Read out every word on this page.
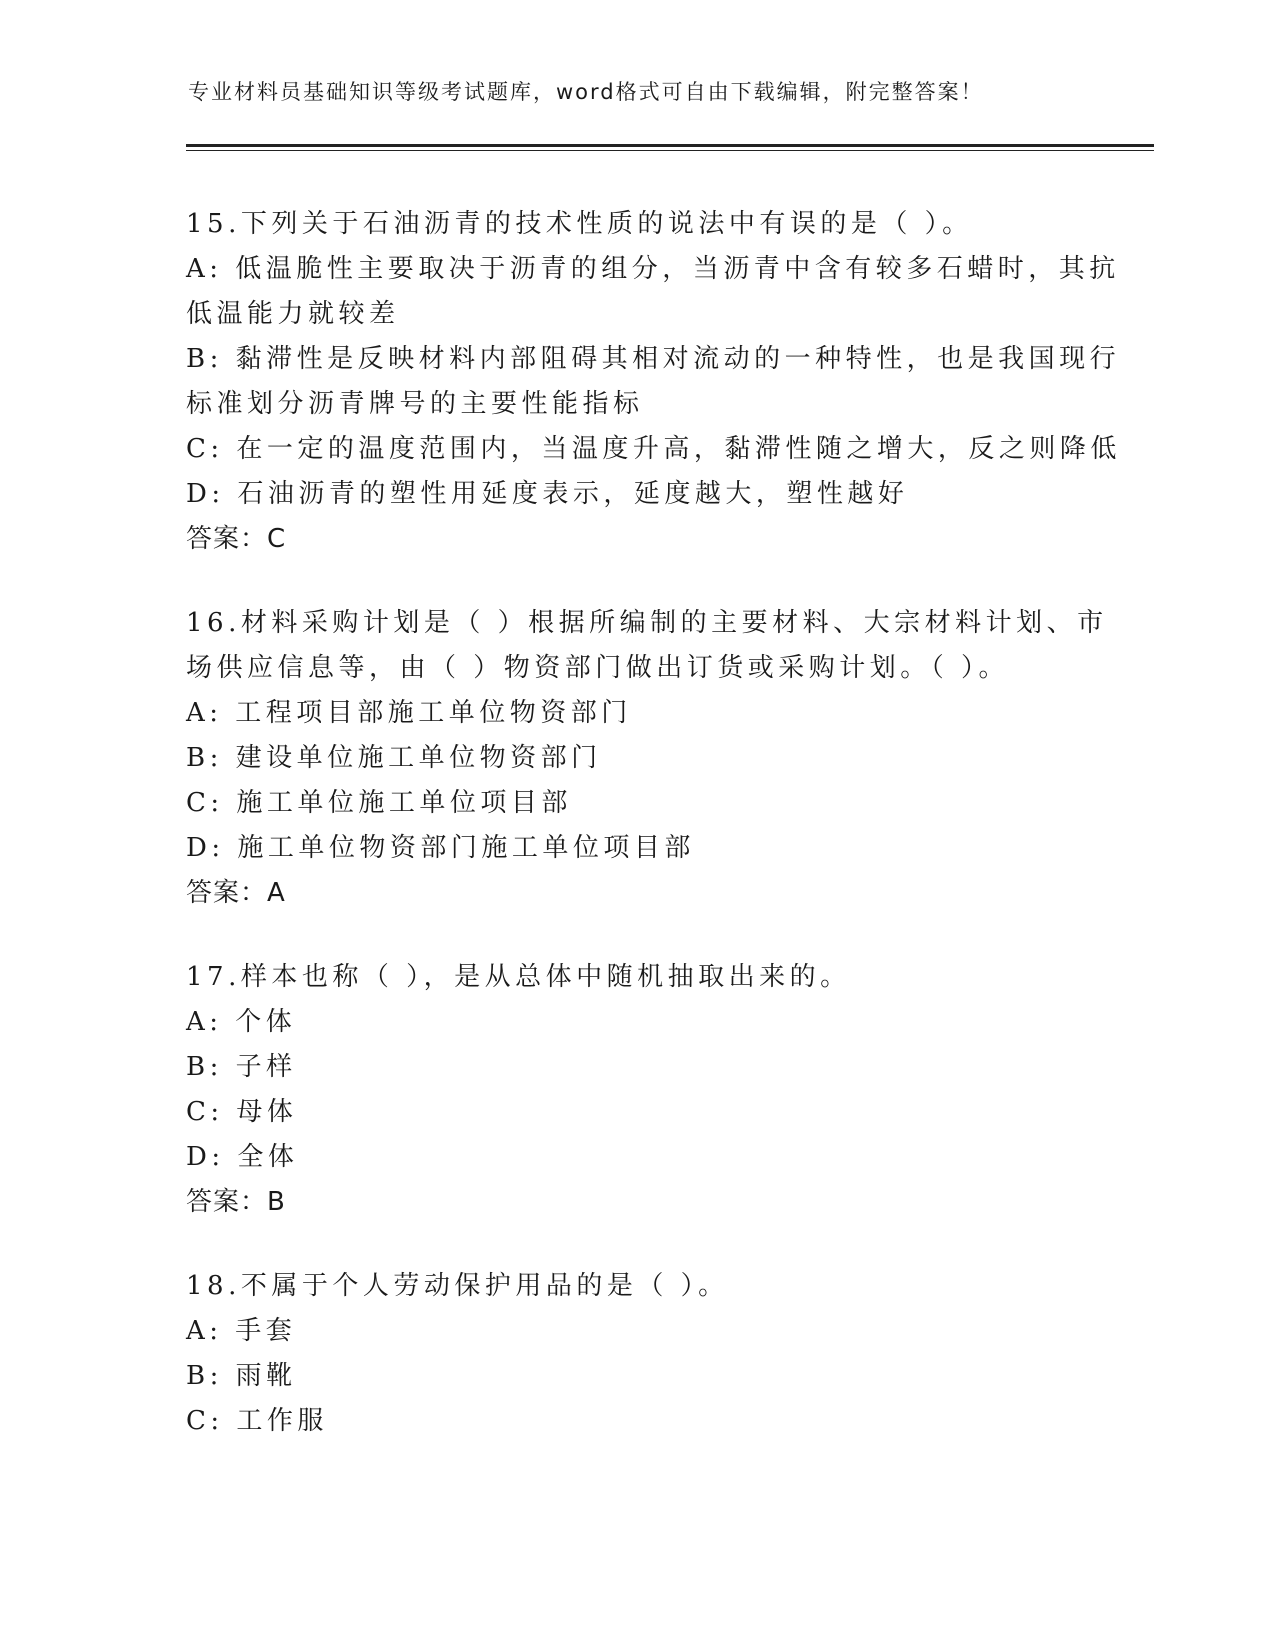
专业材料员基础知识等级考试题库，word格式可自由下载编辑，附完整答案！
15.下列关于石油沥青的技术性质的说法中有误的是（ ）。
A: 低温脆性主要取决于沥青的组分，当沥青中含有较多石蜡时，其抗
低温能力就较差
B: 黏滞性是反映材料内部阻碍其相对流动的一种特性，也是我国现行
标准划分沥青牌号的主要性能指标
C: 在一定的温度范围内，当温度升高，黏滞性随之增大，反之则降低
D: 石油沥青的塑性用延度表示，延度越大，塑性越好
答案：C
16.材料采购计划是（ ）根据所编制的主要材料、大宗材料计划、市
场供应信息等，由（ ）物资部门做出订货或采购计划。（ ）。
A: 工程项目部施工单位物资部门
B: 建设单位施工单位物资部门
C: 施工单位施工单位项目部
D: 施工单位物资部门施工单位项目部
答案：A
17.样本也称（ ），是从总体中随机抽取出来的。
A: 个体
B: 子样
C: 母体
D: 全体
答案：B
18.不属于个人劳动保护用品的是（ ）。
A: 手套
B: 雨靴
C: 工作服
